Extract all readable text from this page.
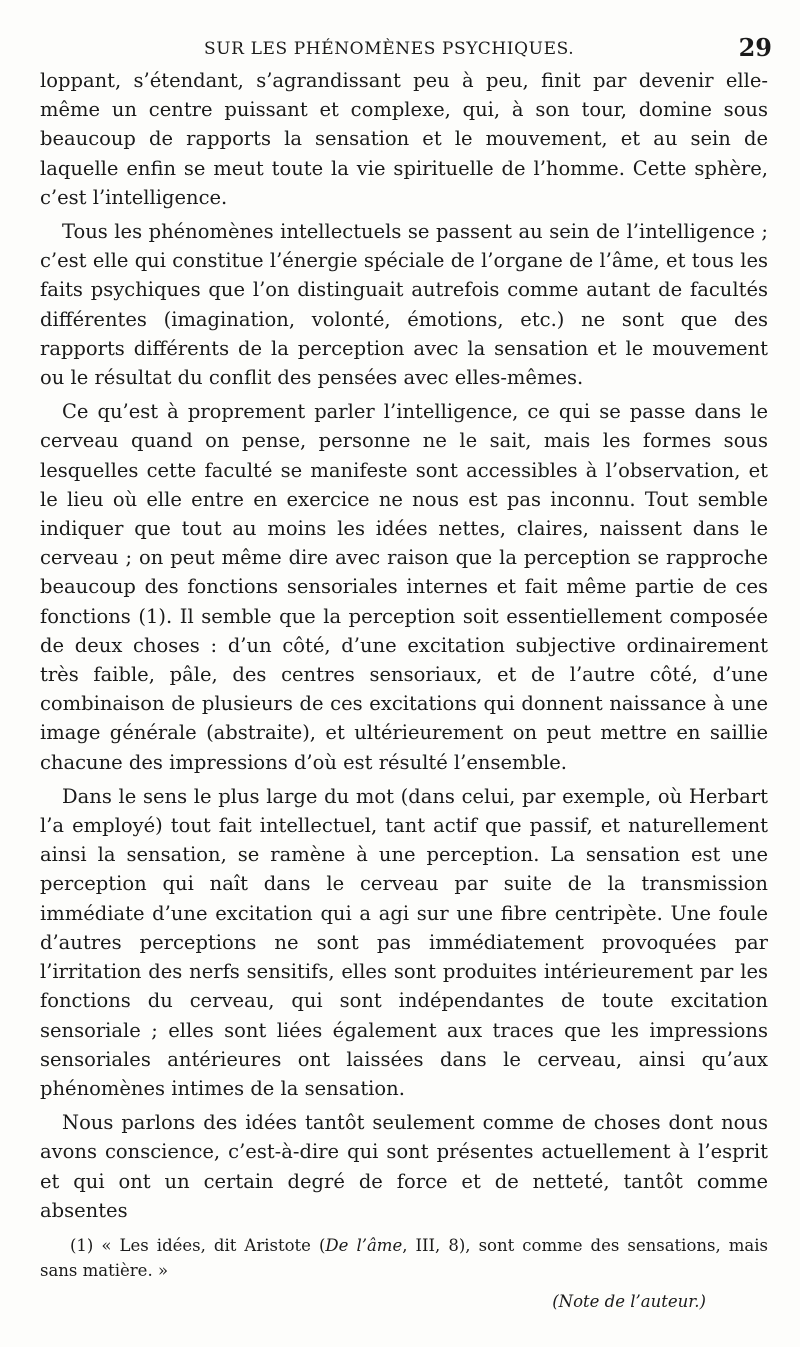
SUR LES PHÉNOMÈNES PSYCHIQUES.	29

loppant, s’étendant, s’agrandissant peu à peu, finit par devenir elle-même un centre puissant et complexe, qui, à son tour, domine sous beaucoup de rapports la sensation et le mouvement, et au sein de laquelle enfin se meut toute la vie spirituelle de l’homme. Cette sphère, c’est l’intelligence.

Tous les phénomènes intellectuels se passent au sein de l’intelligence ; c’est elle qui constitue l’énergie spéciale de l’organe de l’âme, et tous les faits psychiques que l’on distinguait autrefois comme autant de facultés différentes (imagination, volonté, émotions, etc.) ne sont que des rapports différents de la perception avec la sensation et le mouvement ou le résultat du conflit des pensées avec elles-mêmes.

Ce qu’est à proprement parler l’intelligence, ce qui se passe dans le cerveau quand on pense, personne ne le sait, mais les formes sous lesquelles cette faculté se manifeste sont accessibles à l’observation, et le lieu où elle entre en exercice ne nous est pas inconnu. Tout semble indiquer que tout au moins les idées nettes, claires, naissent dans le cerveau ; on peut même dire avec raison que la perception se rapproche beaucoup des fonctions sensoriales internes et fait même partie de ces fonctions (1). Il semble que la perception soit essentiellement composée de deux choses : d’un côté, d’une excitation subjective ordinairement très faible, pâle, des centres sensoriaux, et de l’autre côté, d’une combinaison de plusieurs de ces excitations qui donnent naissance à une image générale (abstraite), et ultérieurement on peut mettre en saillie chacune des impressions d’où est résulté l’ensemble.

Dans le sens le plus large du mot (dans celui, par exemple, où Herbart l’a employé) tout fait intellectuel, tant actif que passif, et naturellement ainsi la sensation, se ramène à une perception. La sensation est une perception qui naît dans le cerveau par suite de la transmission immédiate d’une excitation qui a agi sur une fibre centripète. Une foule d’autres perceptions ne sont pas immédiatement provoquées par l’irritation des nerfs sensitifs, elles sont produites intérieurement par les fonctions du cerveau, qui sont indépendantes de toute excitation sensoriale ; elles sont liées également aux traces que les impressions sensoriales antérieures ont laissées dans le cerveau, ainsi qu’aux phénomènes intimes de la sensation.

Nous parlons des idées tantôt seulement comme de choses dont nous avons conscience, c’est-à-dire qui sont présentes actuellement à l’esprit et qui ont un certain degré de force et de netteté, tantôt comme absentes

(1) « Les idées, dit Aristote (De l’âme, III, 8), sont comme des sensations, mais sans matière. »

(Note de l’auteur.)
